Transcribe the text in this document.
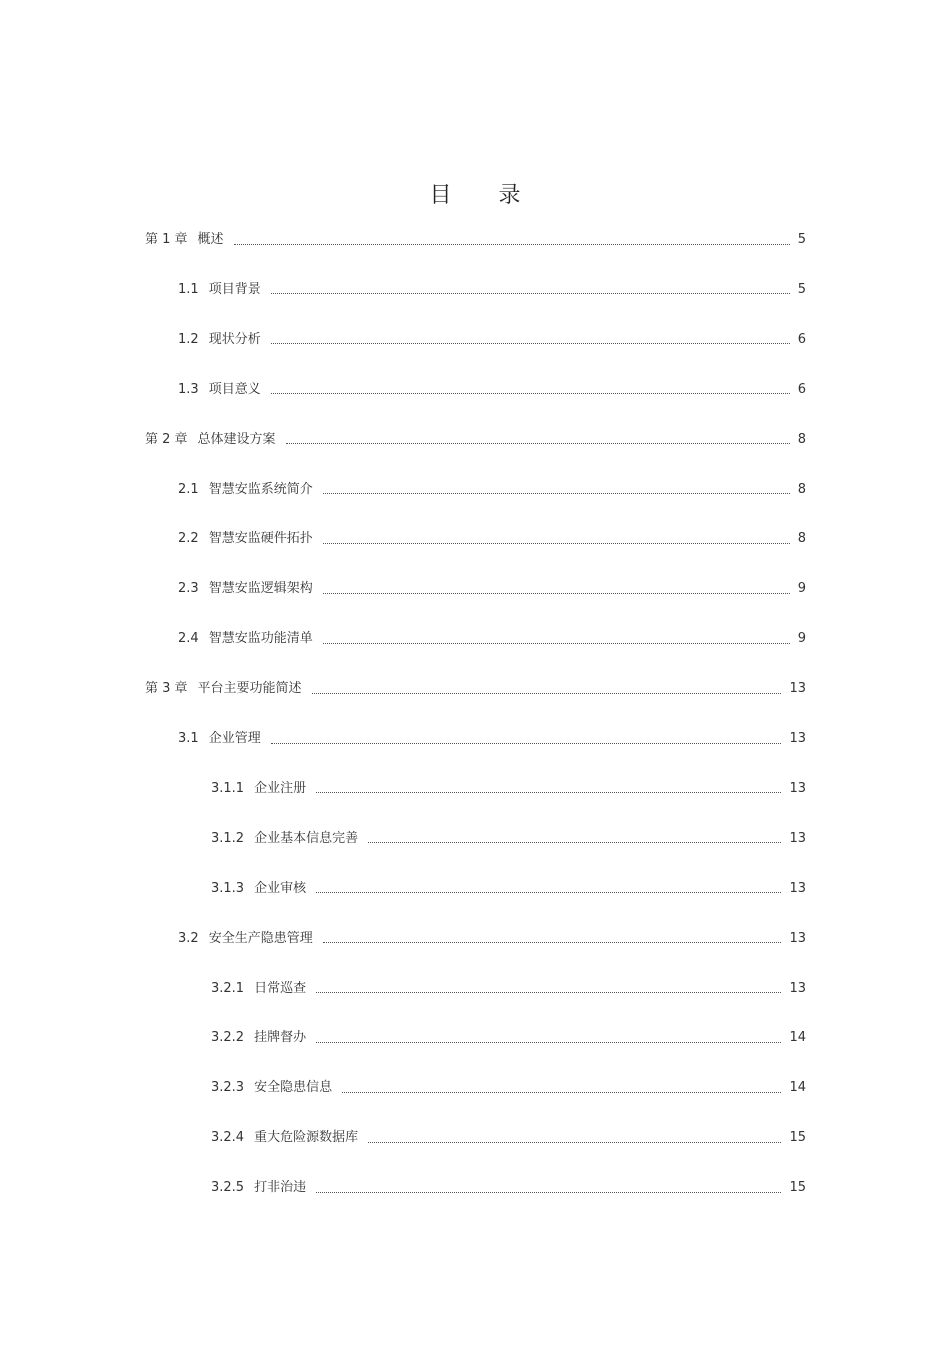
目 录
第 1 章 概述	5
1.1 项目背景	5
1.2 现状分析	6
1.3 项目意义	6
第 2 章 总体建设方案	8
2.1 智慧安监系统简介	8
2.2 智慧安监硬件拓扑	8
2.3 智慧安监逻辑架构	9
2.4 智慧安监功能清单	9
第 3 章 平台主要功能简述	13
3.1 企业管理	13
3.1.1 企业注册	13
3.1.2 企业基本信息完善	13
3.1.3 企业审核	13
3.2 安全生产隐患管理	13
3.2.1 日常巡查	13
3.2.2 挂牌督办	14
3.2.3 安全隐患信息	14
3.2.4 重大危险源数据库	15
3.2.5 打非治违	15
